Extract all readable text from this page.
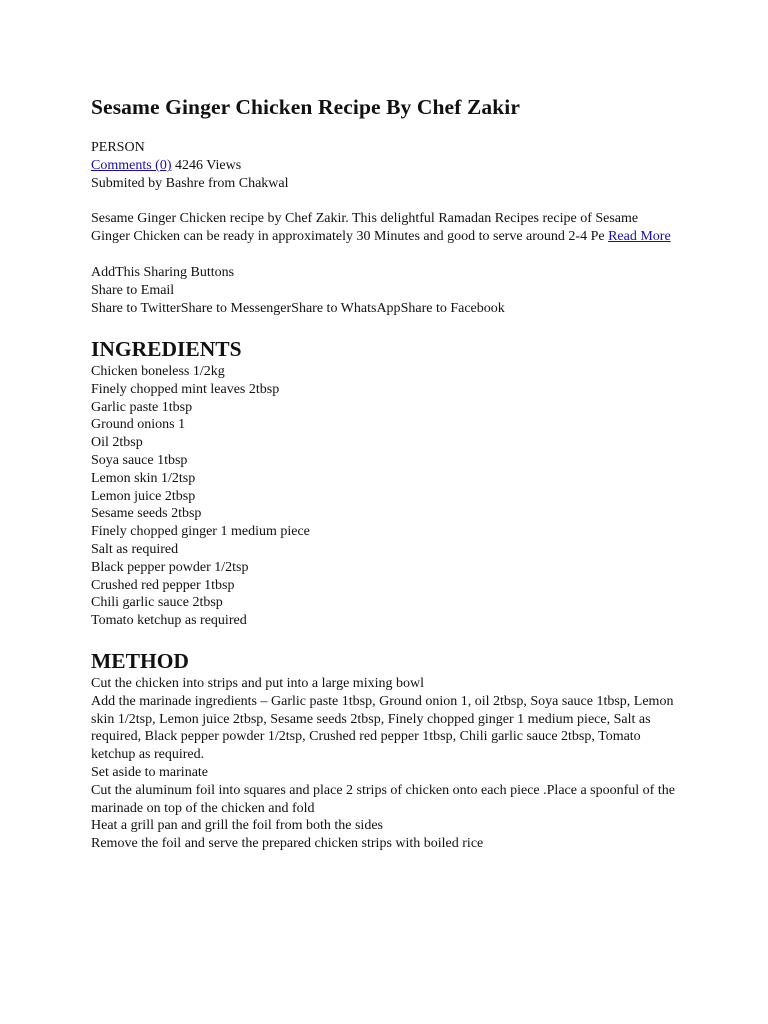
Sesame Ginger Chicken Recipe By Chef Zakir
PERSON
Comments (0) 4246 Views
Submited by Bashre from Chakwal
Sesame Ginger Chicken recipe by Chef Zakir. This delightful Ramadan Recipes recipe of Sesame Ginger Chicken can be ready in approximately 30 Minutes and good to serve around 2-4 Pe Read More
AddThis Sharing Buttons
Share to Email
Share to TwitterShare to MessengerShare to WhatsAppShare to Facebook
INGREDIENTS
Chicken boneless 1/2kg
Finely chopped mint leaves 2tbsp
Garlic paste 1tbsp
Ground onions 1
Oil 2tbsp
Soya sauce 1tbsp
Lemon skin 1/2tsp
Lemon juice 2tbsp
Sesame seeds 2tbsp
Finely chopped ginger 1 medium piece
Salt as required
Black pepper powder 1/2tsp
Crushed red pepper 1tbsp
Chili garlic sauce 2tbsp
Tomato ketchup as required
METHOD
Cut the chicken into strips and put into a large mixing bowl
Add the marinade ingredients – Garlic paste 1tbsp, Ground onion 1, oil 2tbsp, Soya sauce 1tbsp, Lemon skin 1/2tsp, Lemon juice 2tbsp, Sesame seeds 2tbsp, Finely chopped ginger 1 medium piece, Salt as required, Black pepper powder 1/2tsp, Crushed red pepper 1tbsp, Chili garlic sauce 2tbsp, Tomato ketchup as required.
Set aside to marinate
Cut the aluminum foil into squares and place 2 strips of chicken onto each piece .Place a spoonful of the marinade on top of the chicken and fold
Heat a grill pan and grill the foil from both the sides
Remove the foil and serve the prepared chicken strips with boiled rice
